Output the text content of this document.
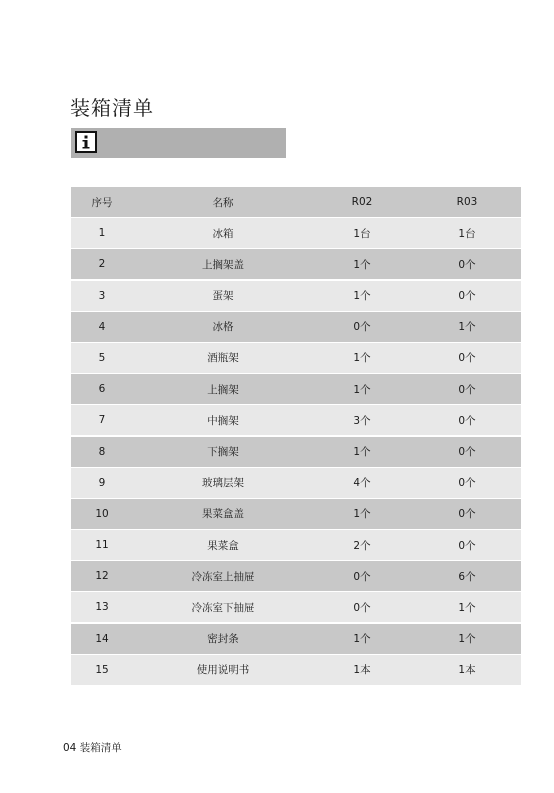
装箱清单
序号	名称	R02	R03
1	冰箱	1台	1台
2	上搁架盖	1个	0个
3	蛋架	1个	0个
4	冰格	0个	1个
5	酒瓶架	1个	0个
6	上搁架	1个	0个
7	中搁架	3个	0个
8	下搁架	1个	0个
9	玻璃层架	4个	0个
10	果菜盒盖	1个	0个
11	果菜盒	2个	0个
12	冷冻室上抽屉	0个	6个
13	冷冻室下抽屉	0个	1个
14	密封条	1个	1个
15	使用说明书	1本	1本
04 装箱清单
